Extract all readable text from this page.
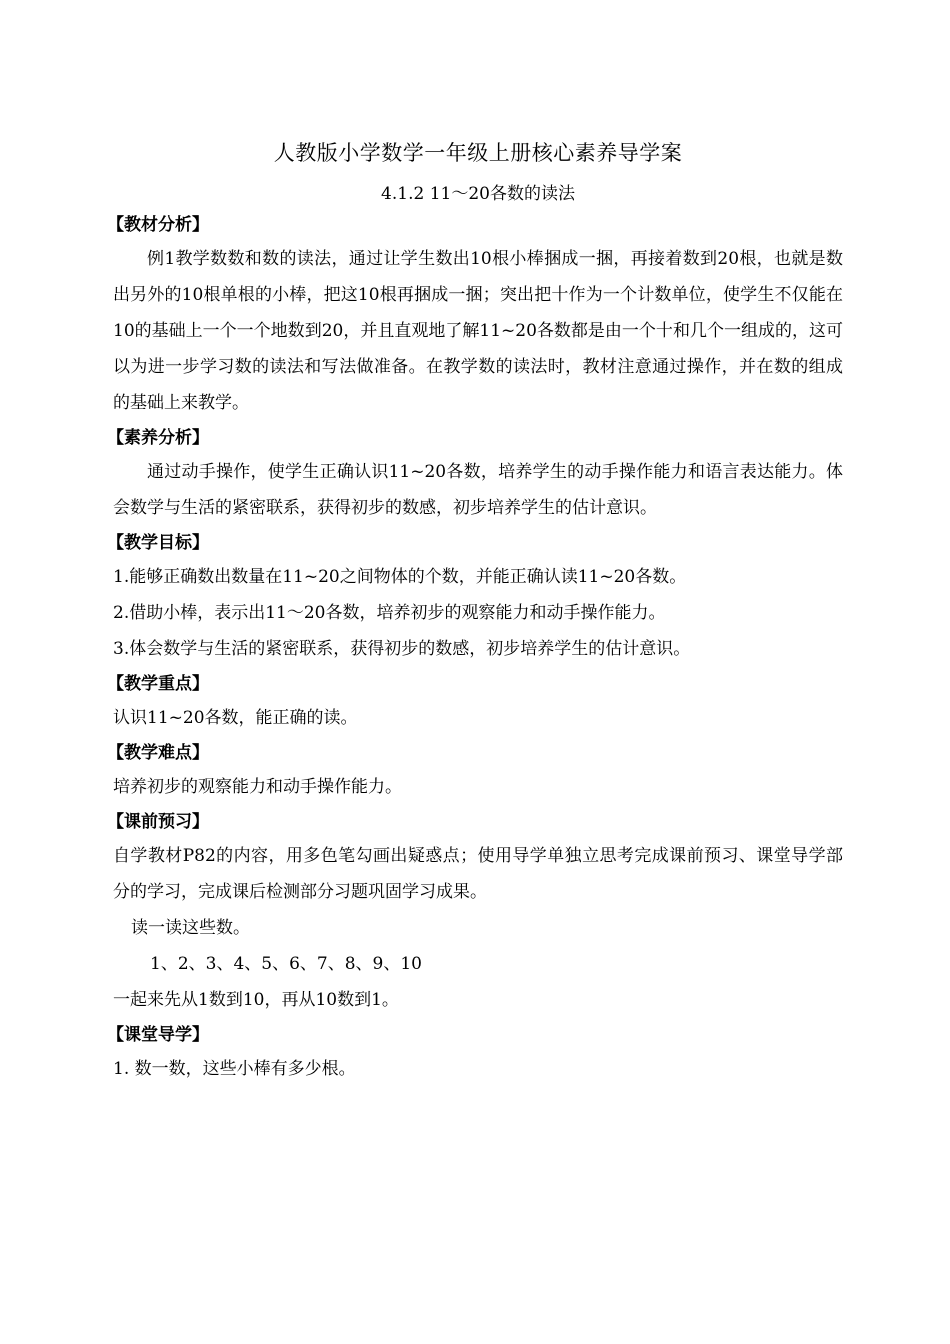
人教版小学数学一年级上册核心素养导学案
4.1.2 11～20各数的读法
【教材分析】

例1教学数数和数的读法，通过让学生数出10根小棒捆成一捆，再接着数到20根，也就是数出另外的10根单根的小棒，把这10根再捆成一捆；突出把十作为一个计数单位，使学生不仅能在10的基础上一个一个地数到20，并且直观地了解11~20各数都是由一个十和几个一组成的，这可以为进一步学习数的读法和写法做准备。在教学数的读法时，教材注意通过操作，并在数的组成的基础上来教学。

【素养分析】

通过动手操作，使学生正确认识11~20各数，培养学生的动手操作能力和语言表达能力。体会数学与生活的紧密联系，获得初步的数感，初步培养学生的估计意识。

【教学目标】

1.能够正确数出数量在11~20之间物体的个数，并能正确认读11~20各数。

2.借助小棒，表示出11～20各数，培养初步的观察能力和动手操作能力。

3.体会数学与生活的紧密联系，获得初步的数感，初步培养学生的估计意识。

【教学重点】

认识11~20各数，能正确的读。

【教学难点】

培养初步的观察能力和动手操作能力。

【课前预习】

自学教材P82的内容，用多色笔勾画出疑惑点；使用导学单独立思考完成课前预习、课堂导学部分的学习，完成课后检测部分习题巩固学习成果。

读一读这些数。

1、2、3、4、5、6、7、8、9、10

一起来先从1数到10，再从10数到1。

【课堂导学】

1. 数一数，这些小棒有多少根。
